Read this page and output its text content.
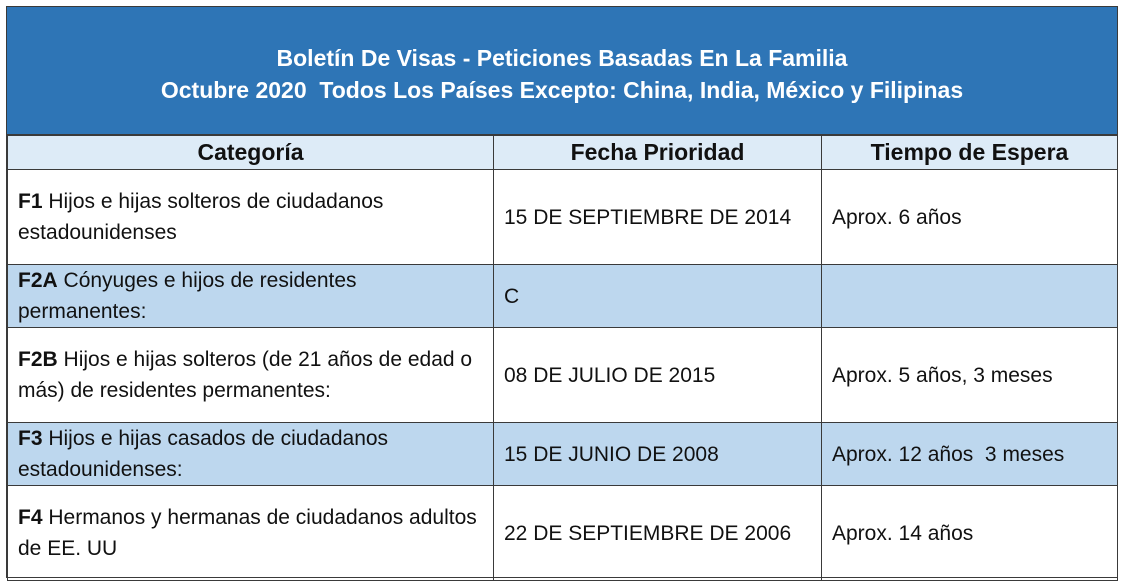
Boletín De Visas - Peticiones Basadas En La Familia
Octubre 2020  Todos Los Países Excepto: China, India, México y Filipinas
Categoría	Fecha Prioridad	Tiempo de Espera
F1 Hijos e hijas solteros de ciudadanos estadounidenses	15 DE SEPTIEMBRE DE 2014	Aprox. 6 años
F2A Cónyuges e hijos de residentes permanentes:	C	
F2B Hijos e hijas solteros (de 21 años de edad o más) de residentes permanentes:	08 DE JULIO DE 2015	Aprox. 5 años, 3 meses
F3 Hijos e hijas casados de ciudadanos estadounidenses:	15 DE JUNIO DE 2008	Aprox. 12 años  3 meses
F4 Hermanos y hermanas de ciudadanos adultos de EE. UU	22 DE SEPTIEMBRE DE 2006	Aprox. 14 años
